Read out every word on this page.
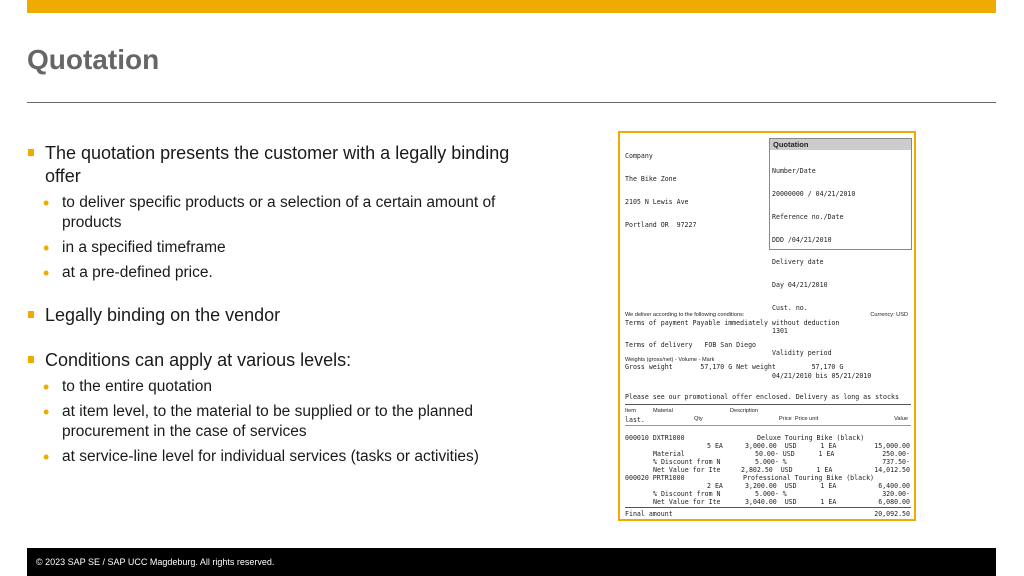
Quotation
The quotation presents the customer with a legally binding offer
• to deliver specific products or a selection of a certain amount of products
• in a specified timeframe
• at a pre-defined price.
Legally binding on the vendor
Conditions can apply at various levels:
• to the entire quotation
• at item level, to the material to be supplied or to the planned procurement in the case of services
• at service-line level for individual services (tasks or activities)

Company

The Bike Zone

2105 N Lewis Ave

Portland OR  97227

Quotation

Number/Date

20000000 / 04/21/2010

Reference no./Date

DDD /04/21/2010

Delivery date

Day 04/21/2010

Cust. no.

1301

Validity period

04/21/2010 bis 05/21/2010

We deliver according to the following conditions:	Currency: USD
Terms of payment Payable immediately without deduction
Terms of delivery   FOB San Diego
Weights (gross/net) - Volume - Mark
Gross weight       57,170 G Net weight         57,170 G

Please see our promotional offer enclosed. Delivery as long as stocks

last.

Item	Material	Description
Qty	Price  Price unit	Value
000010 DXTR1000	Deluxe Touring Bike (black)
5 EA	3,000.00  USD      1 EA	15,000.00
Material	50.00- USD      1 EA	250.00-
% Discount from N	5.000- %	737.50-
Net Value for Ite	2,802.50  USD      1 EA	14,012.50
000020 PRTR1000	Professional Touring Bike (black)
2 EA	3,200.00  USD      1 EA	6,400.00
% Discount from N	5.000- %	320.00-
Net Value for Ite	3,040.00  USD      1 EA	6,080.00
Final amount	20,092.50
© 2023 SAP SE / SAP UCC Magdeburg. All rights reserved.
